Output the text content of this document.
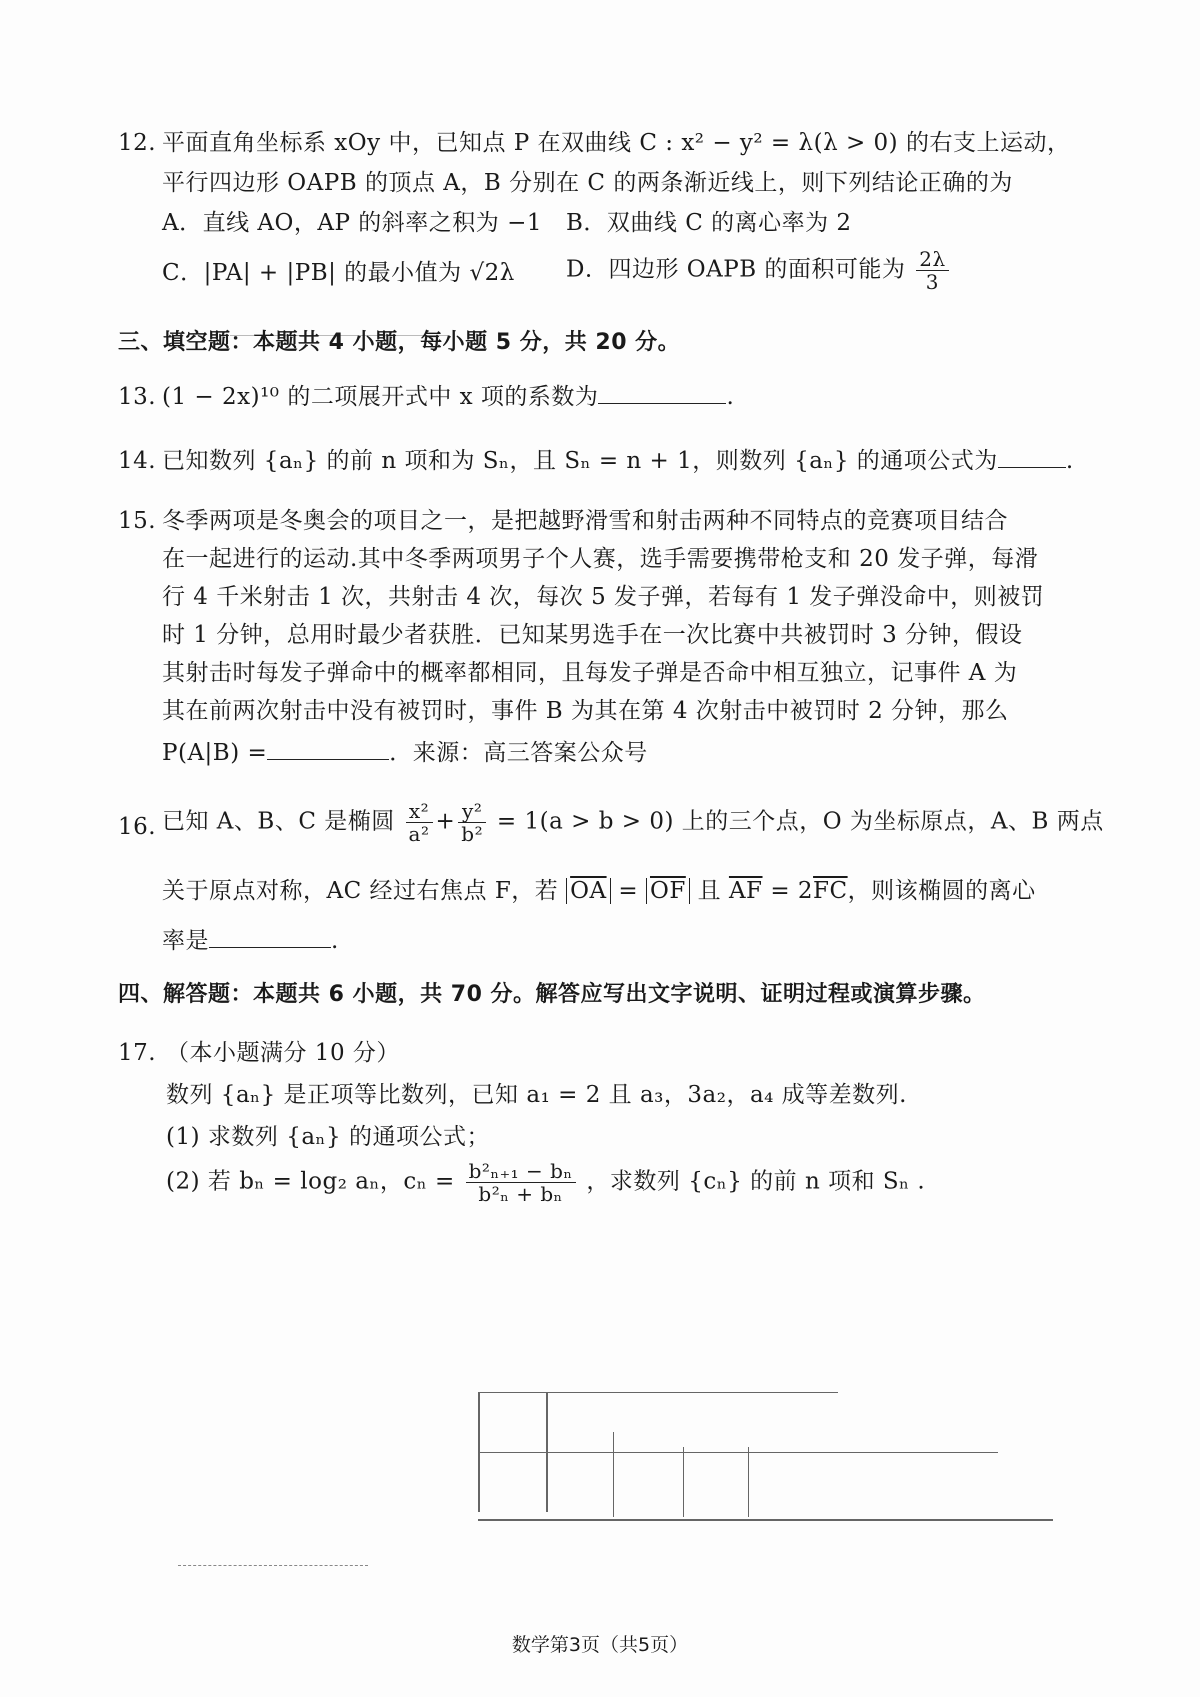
12. 平面直角坐标系 xOy 中，已知点 P 在双曲线 C : x² − y² = λ(λ > 0) 的右支上运动，
平行四边形 OAPB 的顶点 A，B 分别在 C 的两条渐近线上，则下列结论正确的为
A．直线 AO，AP 的斜率之积为 −1 B．双曲线 C 的离心率为 2
C．|PA| + |PB| 的最小值为 √2λ D．四边形 OAPB 的面积可能为 $\frac{2\lambda}{3}$
三、填空题：本题共 4 小题，每小题 5 分，共 20 分。
13. (1 − 2x)¹⁰ 的二项展开式中 x 项的系数为	.
14. 已知数列 {aₙ} 的前 n 项和为 Sₙ，且 Sₙ = n + 1，则数列 {aₙ} 的通项公式为	.
15. 冬季两项是冬奥会的项目之一，是把越野滑雪和射击两种不同特点的竞赛项目结合
在一起进行的运动.其中冬季两项男子个人赛，选手需要携带枪支和 20 发子弹，每滑
行 4 千米射击 1 次，共射击 4 次，每次 5 发子弹，若每有 1 发子弹没命中，则被罚
时 1 分钟，总用时最少者获胜．已知某男选手在一次比赛中共被罚时 3 分钟，假设
其射击时每发子弹命中的概率都相同，且每发子弹是否命中相互独立，记事件 A 为
其在前两次射击中没有被罚时，事件 B 为其在第 4 次射击中被罚时 2 分钟，那么
P(A|B) =	．来源：高三答案公众号
16. 已知 A、B、C 是椭圆 $\frac{\text{x²}}{\text{a²}} + \frac{\text{y²}}{\text{b²}} = 1(a > b > 0)$ 上的三个点，O 为坐标原点，A、B 两点
关于原点对称，AC 经过右焦点 F，若 $\overline{OA} = \overline{OF}$ 且 $\overline{AF} = 2\overline{FC}$，则该椭圆的离心
率是	.
四、解答题：本题共 6 小题，共 70 分。解答应写出文字说明、证明过程或演算步骤。
17. （本小题满分 10 分）
数列 {aₙ} 是正项等比数列，已知 a₁ = 2 且 a₃，3a₂，a₄ 成等差数列.
(1) 求数列 {aₙ} 的通项公式；
(2) 若 bₙ = log₂ aₙ，$c_n = \frac{\text{b²ₙ₊₁ − bₙ}}{\text{b²ₙ + bₙ}}$ ，求数列 {cₙ} 的前 n 项和 Sₙ .
数学第3页（共5页）
